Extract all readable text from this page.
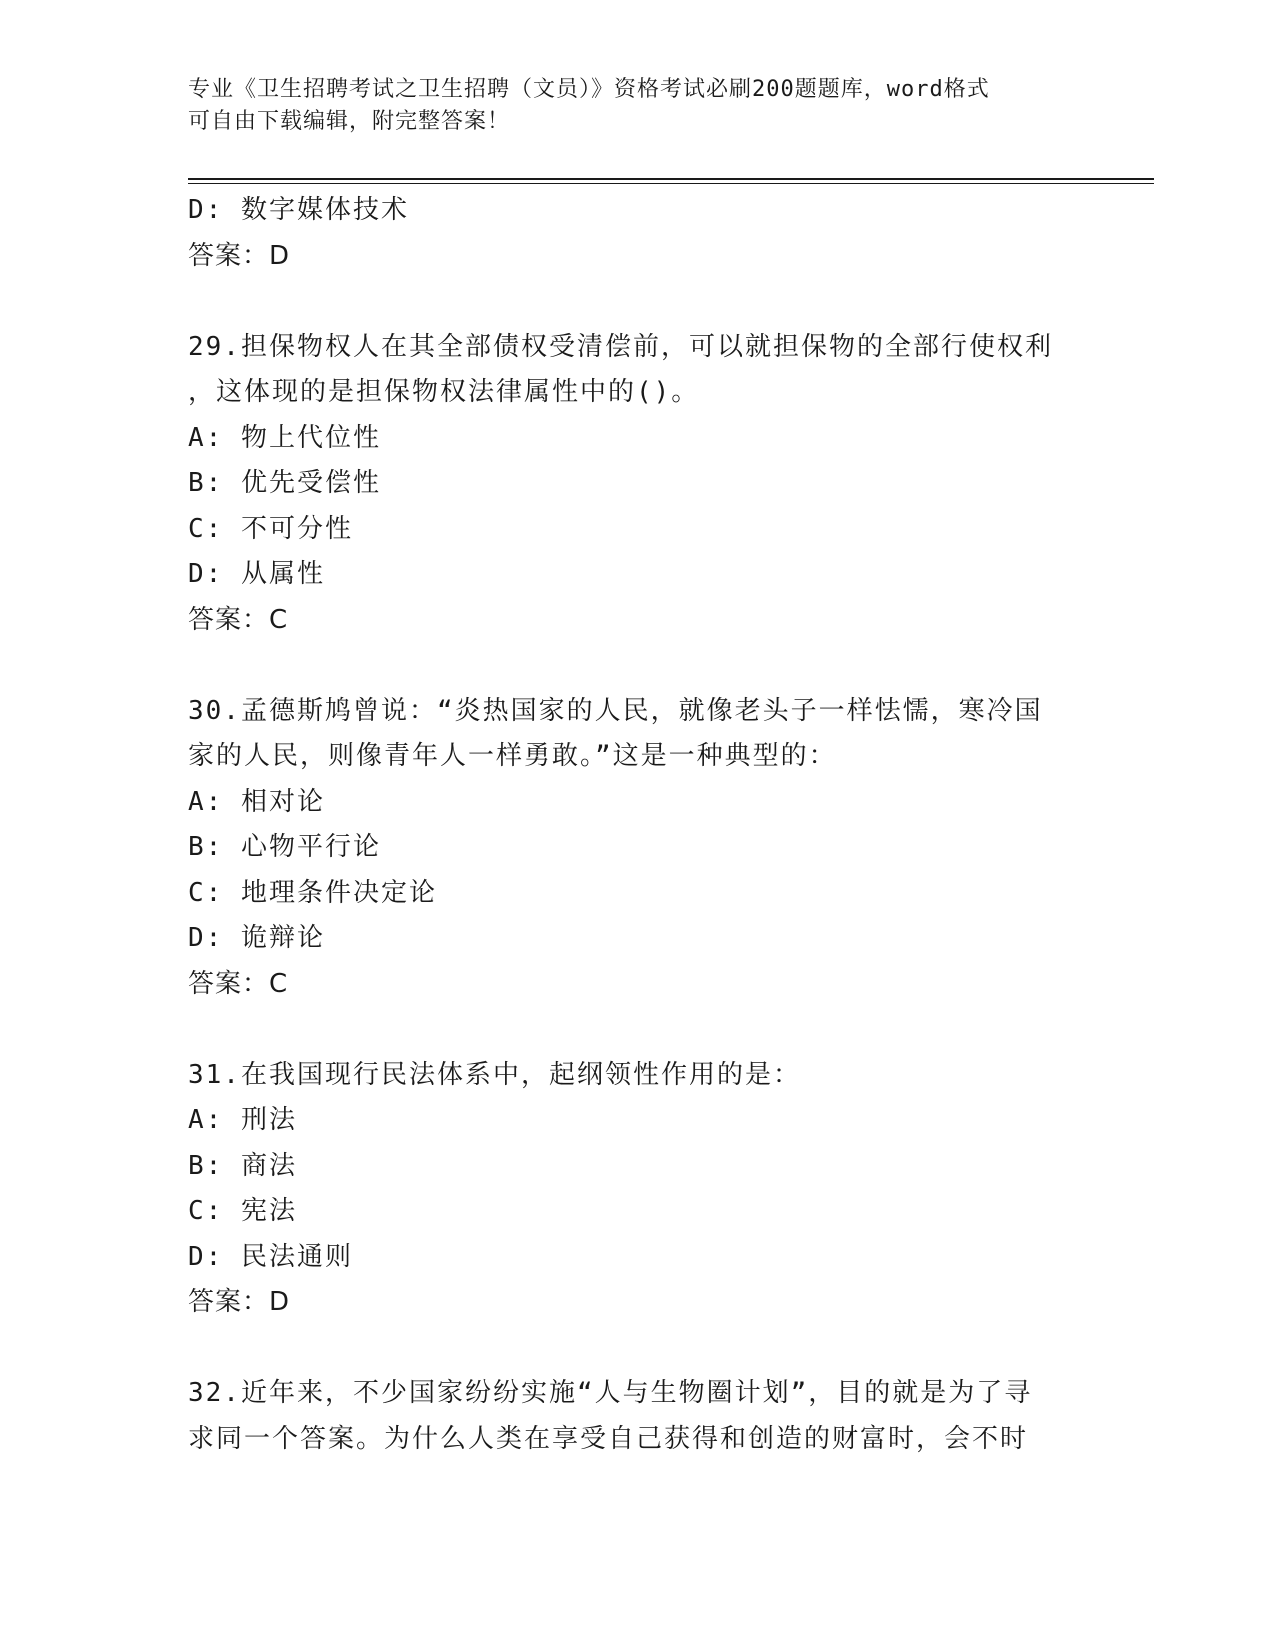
专业《卫生招聘考试之卫生招聘（文员）》资格考试必刷200题题库，word格式
可自由下载编辑，附完整答案！
D: 数字媒体技术
答案：D
29.担保物权人在其全部债权受清偿前，可以就担保物的全部行使权利
，这体现的是担保物权法律属性中的()。
A: 物上代位性
B: 优先受偿性
C: 不可分性
D: 从属性
答案：C
30.孟德斯鸠曾说：“炎热国家的人民，就像老头子一样怯懦，寒冷国
家的人民，则像青年人一样勇敢。”这是一种典型的：
A: 相对论
B: 心物平行论
C: 地理条件决定论
D: 诡辩论
答案：C
31.在我国现行民法体系中，起纲领性作用的是：
A: 刑法
B: 商法
C: 宪法
D: 民法通则
答案：D
32.近年来，不少国家纷纷实施“人与生物圈计划”，目的就是为了寻
求同一个答案。为什么人类在享受自己获得和创造的财富时，会不时
